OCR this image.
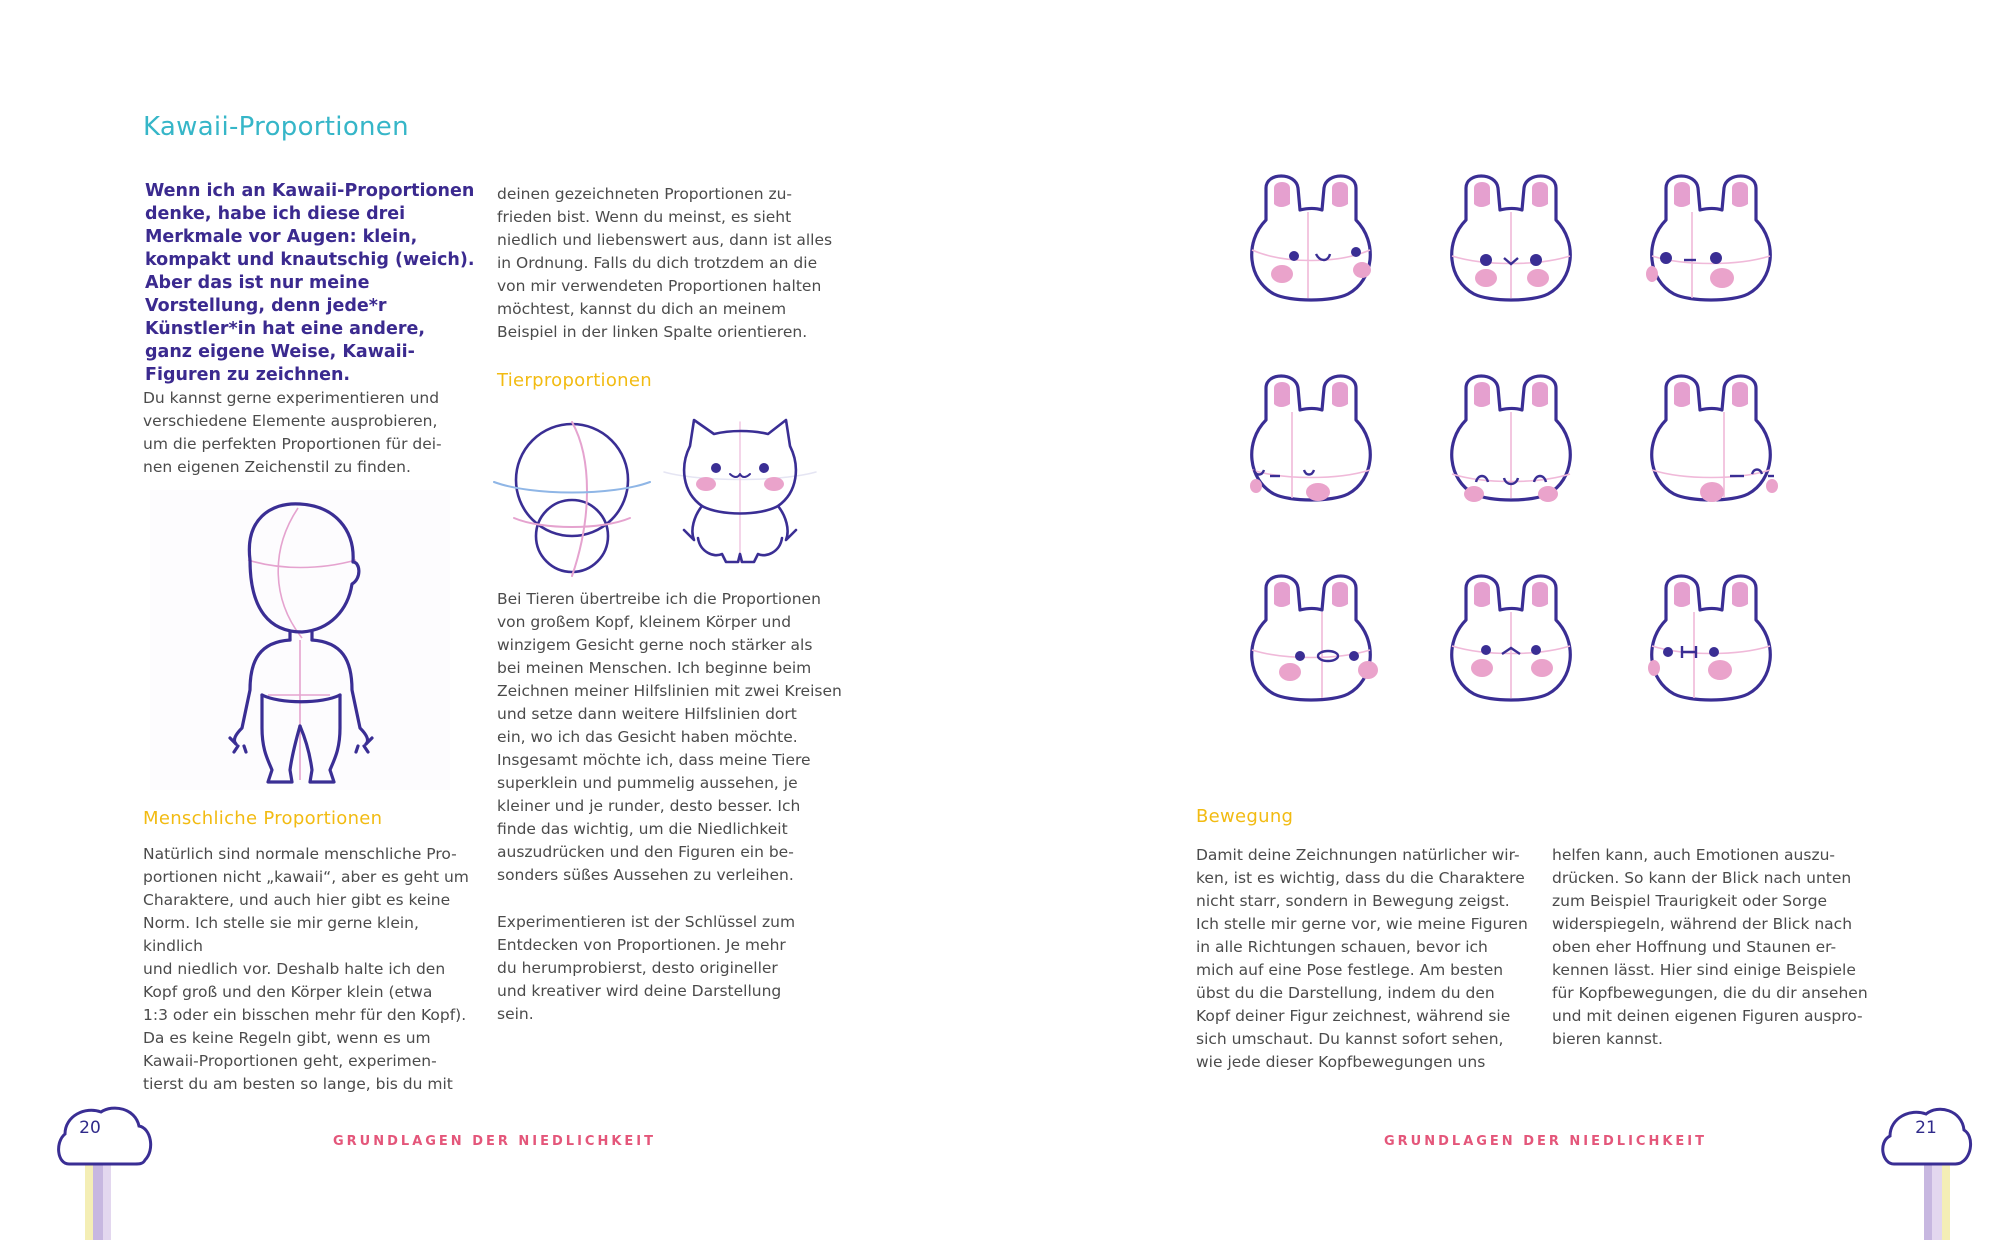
Kawaii-Proportionen

Wenn ich an Kawaii-Proportionen denke, habe ich diese drei Merkmale vor Augen: klein, kompakt und knautschig (weich). Aber das ist nur meine Vorstellung, denn jede*r Künstler*in hat eine andere, ganz eigene Weise, Kawaii-Figuren zu zeichnen.

Du kannst gerne experimentieren und
verschiedene Elemente ausprobieren,
um die perfekten Proportionen für dei-
nen eigenen Zeichenstil zu finden.
Menschliche Proportionen
Natürlich sind normale menschliche Pro-
portionen nicht „kawaii“, aber es geht um
Charaktere, und auch hier gibt es keine
Norm. Ich stelle sie mir gerne klein, kindlich
und niedlich vor. Deshalb halte ich den
Kopf groß und den Körper klein (etwa
1:3 oder ein bisschen mehr für den Kopf).
Da es keine Regeln gibt, wenn es um
Kawaii-Proportionen geht, experimen-
tierst du am besten so lange, bis du mit
deinen gezeichneten Proportionen zu-
frieden bist. Wenn du meinst, es sieht
niedlich und liebenswert aus, dann ist alles
in Ordnung. Falls du dich trotzdem an die
von mir verwendeten Proportionen halten
möchtest, kannst du dich an meinem
Beispiel in der linken Spalte orientieren.
Tierproportionen
Bei Tieren übertreibe ich die Proportionen
von großem Kopf, kleinem Körper und
winzigem Gesicht gerne noch stärker als
bei meinen Menschen. Ich beginne beim
Zeichnen meiner Hilfslinien mit zwei Kreisen
und setze dann weitere Hilfslinien dort
ein, wo ich das Gesicht haben möchte.
Insgesamt möchte ich, dass meine Tiere
superklein und pummelig aussehen, je
kleiner und je runder, desto besser. Ich
finde das wichtig, um die Niedlichkeit
auszudrücken und den Figuren ein be-
sonders süßes Aussehen zu verleihen.
Experimentieren ist der Schlüssel zum
Entdecken von Proportionen. Je mehr
du herumprobierst, desto origineller
und kreativer wird deine Darstellung
sein.
20
GRUNDLAGEN DER NIEDLICHKEIT
Bewegung
Damit deine Zeichnungen natürlicher wir-
ken, ist es wichtig, dass du die Charaktere
nicht starr, sondern in Bewegung zeigst.
Ich stelle mir gerne vor, wie meine Figuren
in alle Richtungen schauen, bevor ich
mich auf eine Pose festlege. Am besten
übst du die Darstellung, indem du den
Kopf deiner Figur zeichnest, während sie
sich umschaut. Du kannst sofort sehen,
wie jede dieser Kopfbewegungen uns
helfen kann, auch Emotionen auszu-
drücken. So kann der Blick nach unten
zum Beispiel Traurigkeit oder Sorge
widerspiegeln, während der Blick nach
oben eher Hoffnung und Staunen er-
kennen lässt. Hier sind einige Beispiele
für Kopfbewegungen, die du dir ansehen
und mit deinen eigenen Figuren auspro-
bieren kannst.
GRUNDLAGEN DER NIEDLICHKEIT
21
